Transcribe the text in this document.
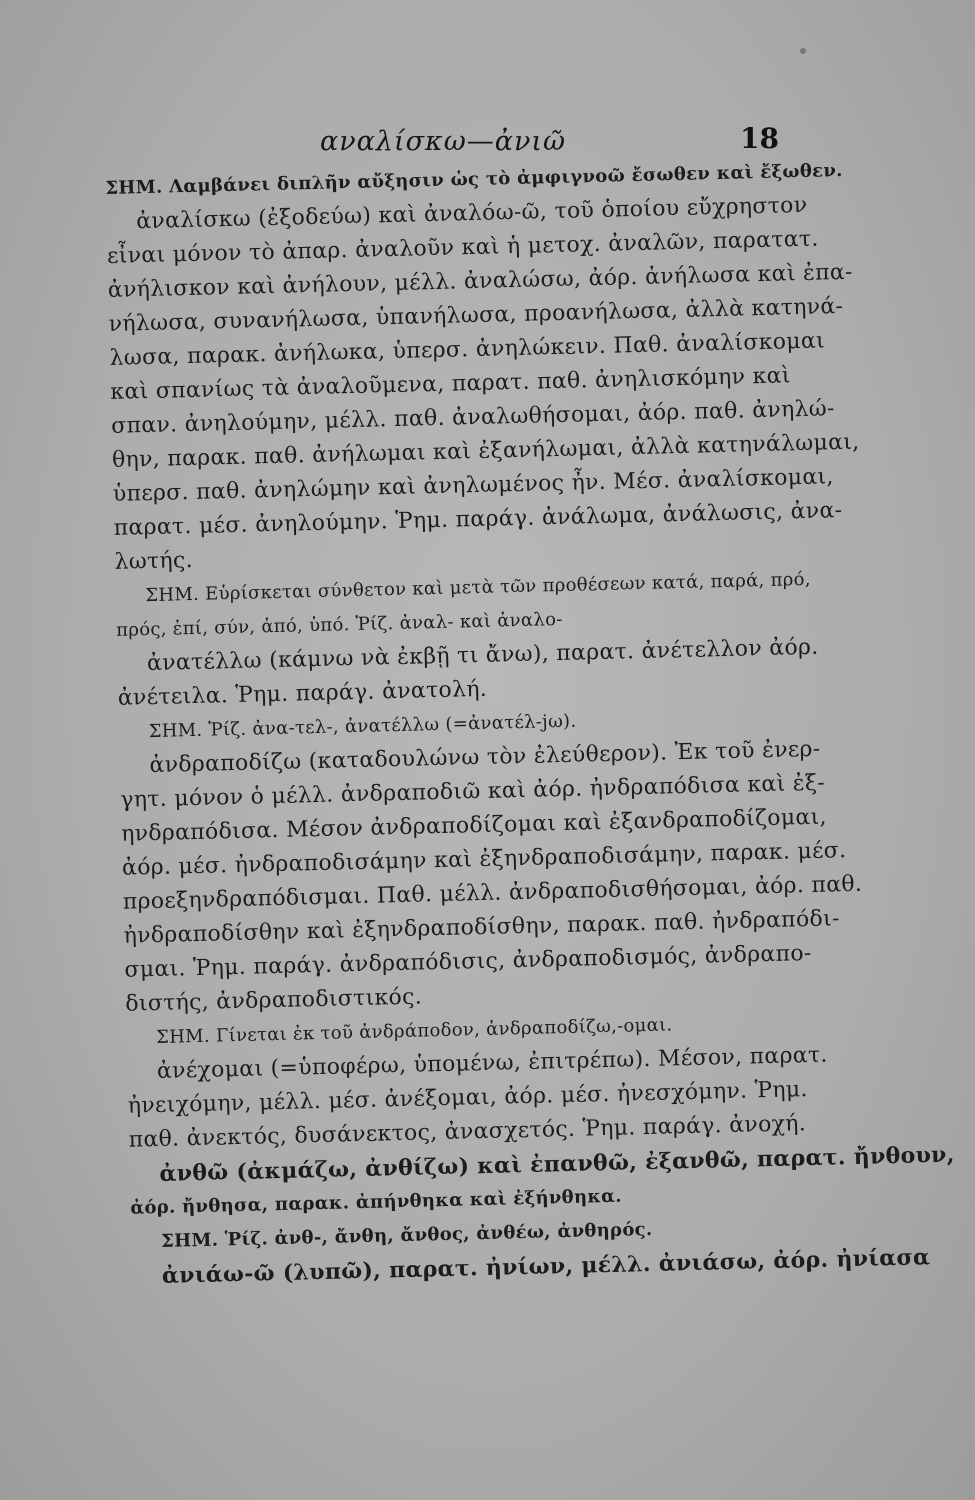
αναλίσκω—ἀνιῶ	18
ΣΗΜ. Λαμβάνει διπλῆν αὔξησιν ὡς τὸ ἀμφιγνοῶ ἔσωθεν καὶ ἔξωθεν.
ἀναλίσκω (ἐξοδεύω) καὶ ἀναλόω-ῶ, τοῦ ὁποίου εὔχρηστον
εἶναι μόνον τὸ ἀπαρ. ἀναλοῦν καὶ ἡ μετοχ. ἀναλῶν, παρατατ.
ἀνήλισκον καὶ ἀνήλουν, μέλλ. ἀναλώσω, ἀόρ. ἀνήλωσα καὶ ἐπα-
νήλωσα, συνανήλωσα, ὑπανήλωσα, προανήλωσα, ἀλλὰ κατηνά-
λωσα, παρακ. ἀνήλωκα, ὑπερσ. ἀνηλώκειν. Παθ. ἀναλίσκομαι
καὶ σπανίως τὰ ἀναλοῦμενα, παρατ. παθ. ἀνηλισκόμην καὶ
σπαν. ἀνηλούμην, μέλλ. παθ. ἀναλωθήσομαι, ἀόρ. παθ. ἀνηλώ-
θην, παρακ. παθ. ἀνήλωμαι καὶ ἐξανήλωμαι, ἀλλὰ κατηνάλωμαι,
ὑπερσ. παθ. ἀνηλώμην καὶ ἀνηλωμένος ἦν. Μέσ. ἀναλίσκομαι,
παρατ. μέσ. ἀνηλούμην. Ῥημ. παράγ. ἀνάλωμα, ἀνάλωσις, ἀνα-
λωτής.
ΣΗΜ. Εὑρίσκεται σύνθετον καὶ μετὰ τῶν προθέσεων κατά, παρά, πρό,
πρός, ἐπί, σύν, ἀπό, ὑπό. Ῥίζ. ἀναλ- καὶ ἀναλο-
ἀνατέλλω (κάμνω νὰ ἐκβῇ τι ἄνω), παρατ. ἀνέτελλον ἀόρ.
ἀνέτειλα. Ῥημ. παράγ. ἀνατολή.
ΣΗΜ. Ῥίζ. ἀνα-τελ-, ἀνατέλλω (=ἀνατέλ-jω).
ἀνδραποδίζω (καταδουλώνω τὸν ἐλεύθερον). Ἐκ τοῦ ἐνερ-
γητ. μόνον ὁ μέλλ. ἀνδραποδιῶ καὶ ἀόρ. ἠνδραπόδισα καὶ ἐξ-
ηνδραπόδισα. Μέσον ἀνδραποδίζομαι καὶ ἐξανδραποδίζομαι,
ἀόρ. μέσ. ἠνδραποδισάμην καὶ ἐξηνδραποδισάμην, παρακ. μέσ.
προεξηνδραπόδισμαι. Παθ. μέλλ. ἀνδραποδισθήσομαι, ἀόρ. παθ.
ἠνδραποδίσθην καὶ ἐξηνδραποδίσθην, παρακ. παθ. ἠνδραπόδι-
σμαι. Ῥημ. παράγ. ἀνδραπόδισις, ἀνδραποδισμός, ἀνδραπο-
διστής, ἀνδραποδιστικός.
ΣΗΜ. Γίνεται ἐκ τοῦ ἀνδράποδον, ἀνδραποδίζω,-ομαι.
ἀνέχομαι (=ὑποφέρω, ὑπομένω, ἐπιτρέπω). Μέσον, παρατ.
ἠνειχόμην, μέλλ. μέσ. ἀνέξομαι, ἀόρ. μέσ. ἠνεσχόμην. Ῥημ.
παθ. ἀνεκτός, δυσάνεκτος, ἀνασχετός. Ῥημ. παράγ. ἀνοχή.
ἀνθῶ (ἀκμάζω, ἀνθίζω) καὶ ἐπανθῶ, ἐξανθῶ, παρατ. ἤνθουν,
ἀόρ. ἤνθησα, παρακ. ἀπήνθηκα καὶ ἐξήνθηκα.
ΣΗΜ. Ῥίζ. ἀνθ-, ἄνθη, ἄνθος, ἀνθέω, ἀνθηρός.
ἀνιάω-ῶ (λυπῶ), παρατ. ἠνίων, μέλλ. ἀνιάσω, ἀόρ. ἠνίασα
